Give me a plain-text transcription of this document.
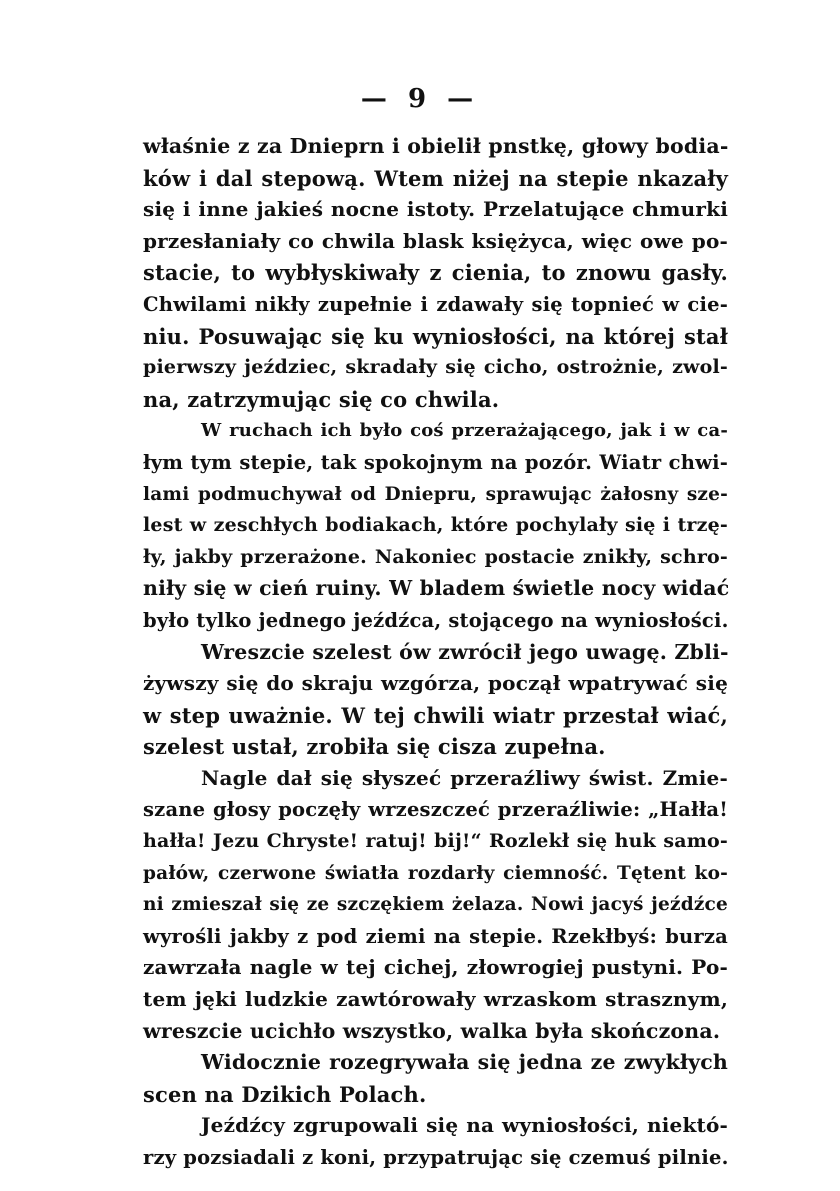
— 9 —
właśnie z za Dnieprn i obielił pnstkę, głowy bodia-
ków i dal stepową. Wtem niżej na stepie nkazały
się i inne jakieś nocne istoty. Przelatujące chmurki
przesłaniały co chwila blask księżyca, więc owe po-
stacie, to wybłyskiwały z cienia, to znowu gasły.
Chwilami nikły zupełnie i zdawały się topnieć w cie-
niu. Posuwając się ku wyniosłości, na której stał
pierwszy jeździec, skradały się cicho, ostrożnie, zwol-
na, zatrzymując się co chwila.
W ruchach ich było coś przerażającego, jak i w ca-
łym tym stepie, tak spokojnym na pozór. Wiatr chwi-
lami podmuchywał od Dniepru, sprawując żałosny sze-
lest w zeschłych bodiakach, które pochylały się i trzę-
ły, jakby przerażone. Nakoniec postacie znikły, schro-
niły się w cień ruiny. W bladem świetle nocy widać
było tylko jednego jeźdźca, stojącego na wyniosłości.
Wreszcie szelest ów zwrócił jego uwagę. Zbli-
żywszy się do skraju wzgórza, począł wpatrywać się
w step uważnie. W tej chwili wiatr przestał wiać,
szelest ustał, zrobiła się cisza zupełna.
Nagle dał się słyszeć przeraźliwy świst. Zmie-
szane głosy poczęły wrzeszczeć przeraźliwie: „Hałła!
hałła! Jezu Chryste! ratuj! bij!“ Rozlekł się huk samo-
pałów, czerwone światła rozdarły ciemność. Tętent ko-
ni zmieszał się ze szczękiem żelaza. Nowi jacyś jeźdźce
wyrośli jakby z pod ziemi na stepie. Rzekłbyś: burza
zawrzała nagle w tej cichej, złowrogiej pustyni. Po-
tem jęki ludzkie zawtórowały wrzaskom strasznym,
wreszcie ucichło wszystko, walka była skończona.
Widocznie rozegrywała się jedna ze zwykłych
scen na Dzikich Polach.
Jeźdźcy zgrupowali się na wyniosłości, niektó-
rzy pozsiadali z koni, przypatrując się czemuś pilnie.
